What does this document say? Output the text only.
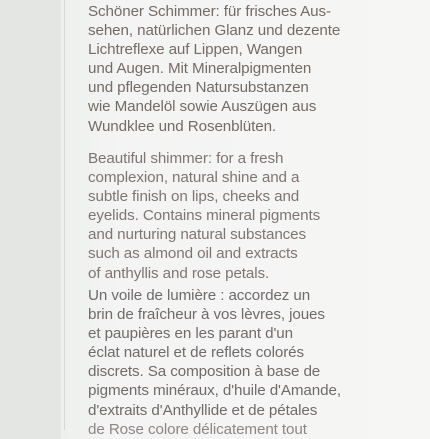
Schöner Schimmer: für frisches Aus-
sehen, natürlichen Glanz und dezente
Lichtreflexe auf Lippen, Wangen
und Augen. Mit Mineralpigmenten
und pflegenden Natursubstanzen
wie Mandelöl sowie Auszügen aus
Wundklee und Rosenblüten.
Beautiful shimmer: for a fresh
complexion, natural shine and a
subtle finish on lips, cheeks and
eyelids. Contains mineral pigments
and nurturing natural substances
such as almond oil and extracts
of anthyllis and rose petals.
Un voile de lumière : accordez un
brin de fraîcheur à vos lèvres, joues
et paupières en les parant d'un
éclat naturel et de reflets colorés
discrets. Sa composition à base de
pigments minéraux, d'huile d'Amande,
d'extraits d'Anthyllide et de pétales
de Rose colore délicatement tout
